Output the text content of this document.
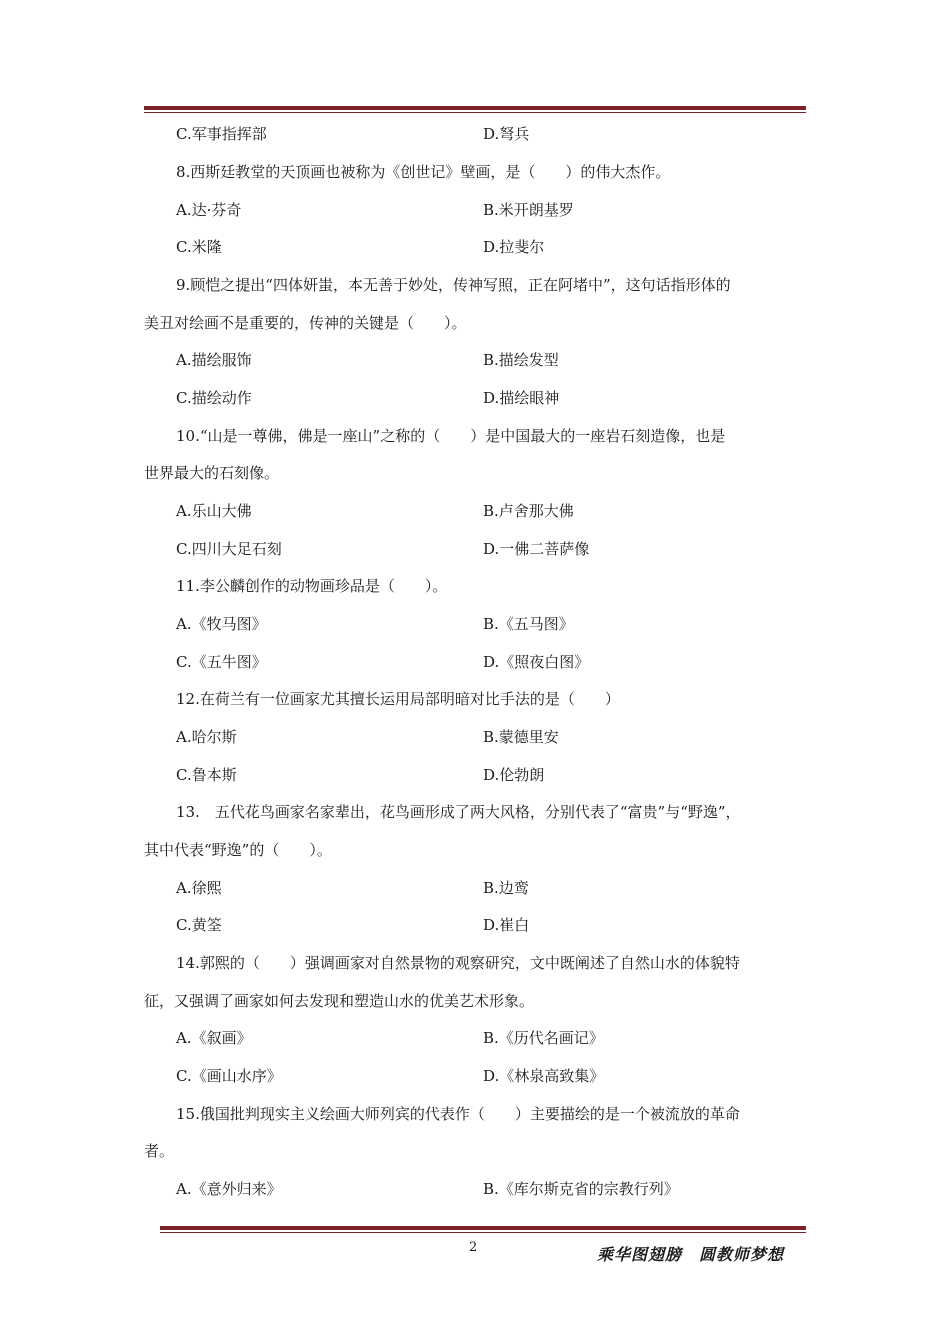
C.军事指挥部	D.弩兵
8.西斯廷教堂的天顶画也被称为《创世记》壁画，是（　　）的伟大杰作。
A.达·芬奇	B.米开朗基罗
C.米隆	D.拉斐尔
9.顾恺之提出“四体妍蚩，本无善于妙处，传神写照，正在阿堵中”，这句话指形体的
美丑对绘画不是重要的，传神的关键是（　　）。
A.描绘服饰	B.描绘发型
C.描绘动作	D.描绘眼神
10.“山是一尊佛，佛是一座山”之称的（　　）是中国最大的一座岩石刻造像，也是
世界最大的石刻像。
A.乐山大佛	B.卢舍那大佛
C.四川大足石刻	D.一佛二菩萨像
11.李公麟创作的动物画珍品是（　　）。
A.《牧马图》	B.《五马图》
C.《五牛图》	D.《照夜白图》
12.在荷兰有一位画家尤其擅长运用局部明暗对比手法的是（　　）
A.哈尔斯	B.蒙德里安
C.鲁本斯	D.伦勃朗
13.　五代花鸟画家名家辈出，花鸟画形成了两大风格，分别代表了“富贵”与“野逸”，
其中代表“野逸”的（　　）。
A.徐熙	B.边鸾
C.黄筌	D.崔白
14.郭熙的（　　）强调画家对自然景物的观察研究，文中既阐述了自然山水的体貌特
征，又强调了画家如何去发现和塑造山水的优美艺术形象。
A.《叙画》	B.《历代名画记》
C.《画山水序》	D.《林泉高致集》
15.俄国批判现实主义绘画大师列宾的代表作（　　）主要描绘的是一个被流放的革命
者。
A.《意外归来》	B.《库尔斯克省的宗教行列》
2	乘华图翅膀　圆教师梦想
